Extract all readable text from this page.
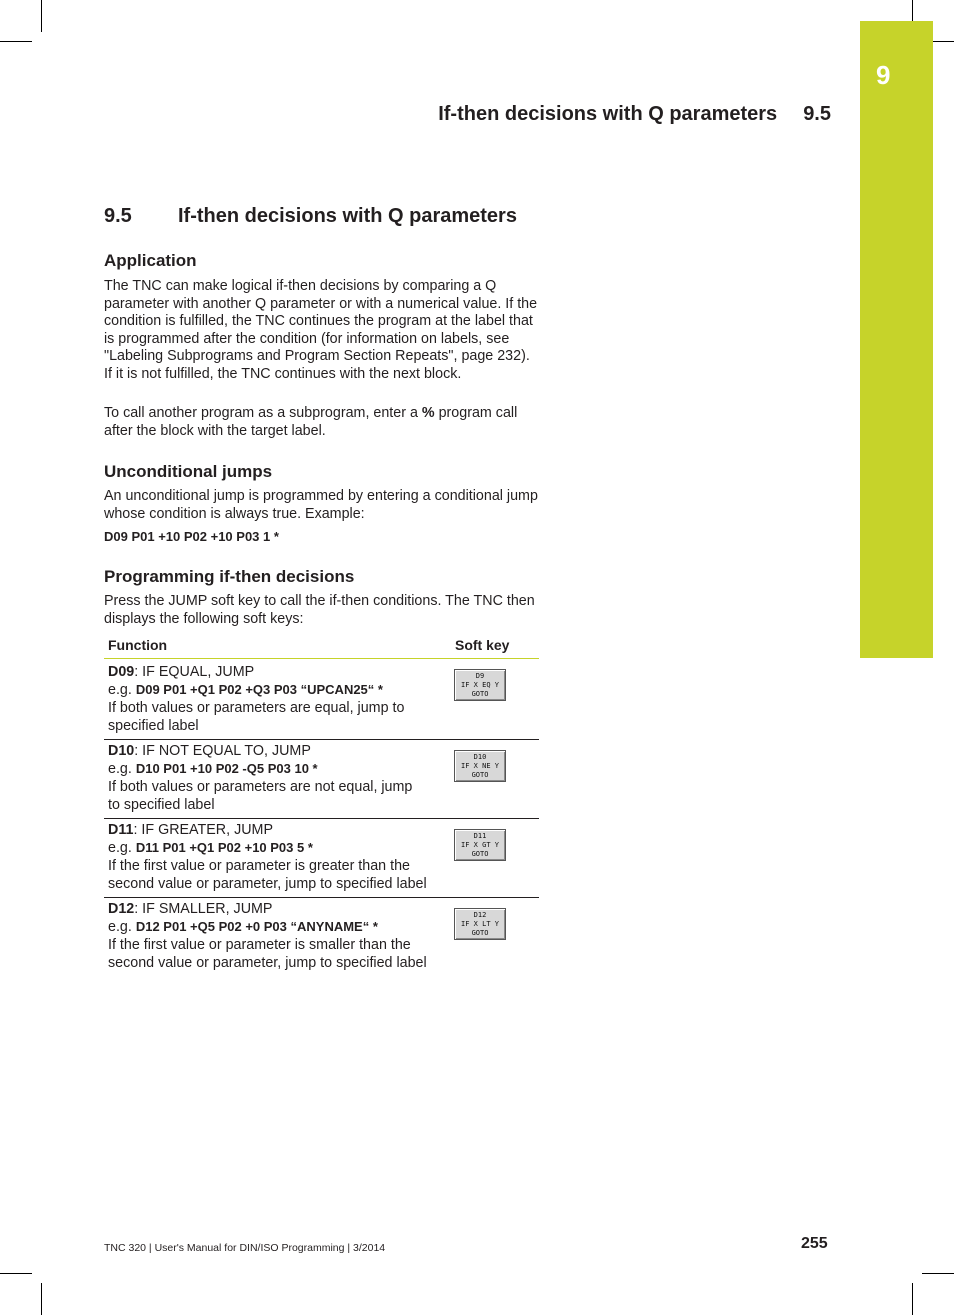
9
If-then decisions with Q parameters 9.5
9.5 If-then decisions with Q parameters
Application
The TNC can make logical if-then decisions by comparing a Q parameter with another Q parameter or with a numerical value. If the condition is fulfilled, the TNC continues the program at the label that is programmed after the condition (for information on labels, see "Labeling Subprograms and Program Section Repeats", page 232). If it is not fulfilled, the TNC continues with the next block.
To call another program as a subprogram, enter a % program call after the block with the target label.
Unconditional jumps
An unconditional jump is programmed by entering a conditional jump whose condition is always true. Example:
D09 P01 +10 P02 +10 P03 1 *
Programming if-then decisions
Press the JUMP soft key to call the if-then conditions. The TNC then displays the following soft keys:
Function	Soft key
D09: IF EQUAL, JUMP
e.g. D09 P01 +Q1 P02 +Q3 P03 “UPCAN25“ *
If both values or parameters are equal, jump to specified label
D9
IF X EQ Y
GOTO
D10: IF NOT EQUAL TO, JUMP
e.g. D10 P01 +10 P02 -Q5 P03 10 *
If both values or parameters are not equal, jump to specified label
D10
IF X NE Y
GOTO
D11: IF GREATER, JUMP
e.g. D11 P01 +Q1 P02 +10 P03 5 *
If the first value or parameter is greater than the second value or parameter, jump to specified label
D11
IF X GT Y
GOTO
D12: IF SMALLER, JUMP
e.g. D12 P01 +Q5 P02 +0 P03 “ANYNAME“ *
If the first value or parameter is smaller than the second value or parameter, jump to specified label
D12
IF X LT Y
GOTO
TNC 320 | User's Manual for DIN/ISO Programming | 3/2014	255
